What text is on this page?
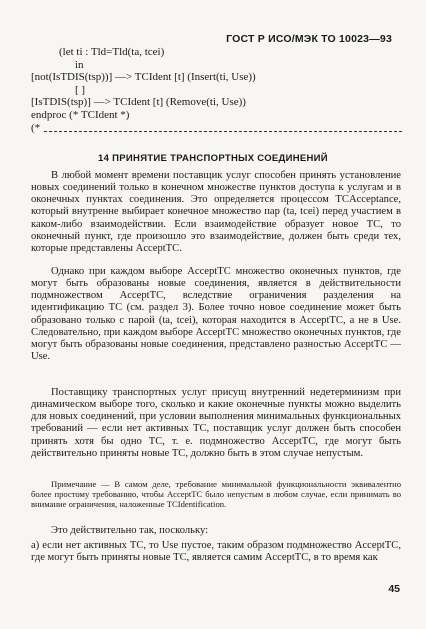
ГОСТ Р ИСО/МЭК ТО 10023—93
(let ti : Tld=Tld(ta, tcei)
in
[not(IsTDIS(tsp))] —> TCIdent [t] (Insert(ti, Use))
[ ]
[IsTDIS(tsp)] —> TCIdent [t] (Remove(ti, Use))
endproc (* TCIdent *)
(*
14 ПРИНЯТИЕ ТРАНСПОРТНЫХ СОЕДИНЕНИЙ
В любой момент времени поставщик услуг способен принять установление новых соединений только в конечном множестве пунктов доступа к услугам и в оконечных пунктах соединения. Это определяется процессом TCAcceptance, который внутренне выбирает конечное множество пар (ta, tcei) перед участием в каком-либо взаимодействии. Если взаимодействие образует новое TC, то оконечный пункт, где произошло это взаимодействие, должен быть среди тех, которые представлены AcceptTC.
Однако при каждом выборе AcceptTC множество оконечных пунктов, где могут быть образованы новые соединения, является в действительности подмножеством AcceptTC, вследствие ограничения разделения на идентификацию TC (см. раздел 3). Более точно новое соединение может быть образовано только с парой (ta, tcei), которая находится в AcceptTC, а не в Use. Следовательно, при каждом выборе AcceptTC множество оконечных пунктов, где могут быть образованы новые соединения, представлено разностью AcceptTC — Use.
Поставщику транспортных услуг присущ внутренний недетерминизм при динамическом выборе того, сколько и какие оконечные пункты можно выделить для новых соединений, при условии выполнения минимальных функциональных требований — если нет активных TC, поставщик услуг должен быть способен принять хотя бы одно TC, т. е. подмножество AcceptTC, где могут быть действительно приняты новые TC, должно быть в этом случае непустым.
Примечание — В самом деле, требование минимальной функциональности эквивалентно более простому требованию, чтобы AcceptTC было непустым в любом случае, если принимать во внимание ограничения, наложенные TCIdentification.
Это действительно так, поскольку:
а) если нет активных TC, то Use пустое, таким образом подмножество AcceptTC, где могут быть приняты новые TC, является самим AcceptTC, в то время как
45
